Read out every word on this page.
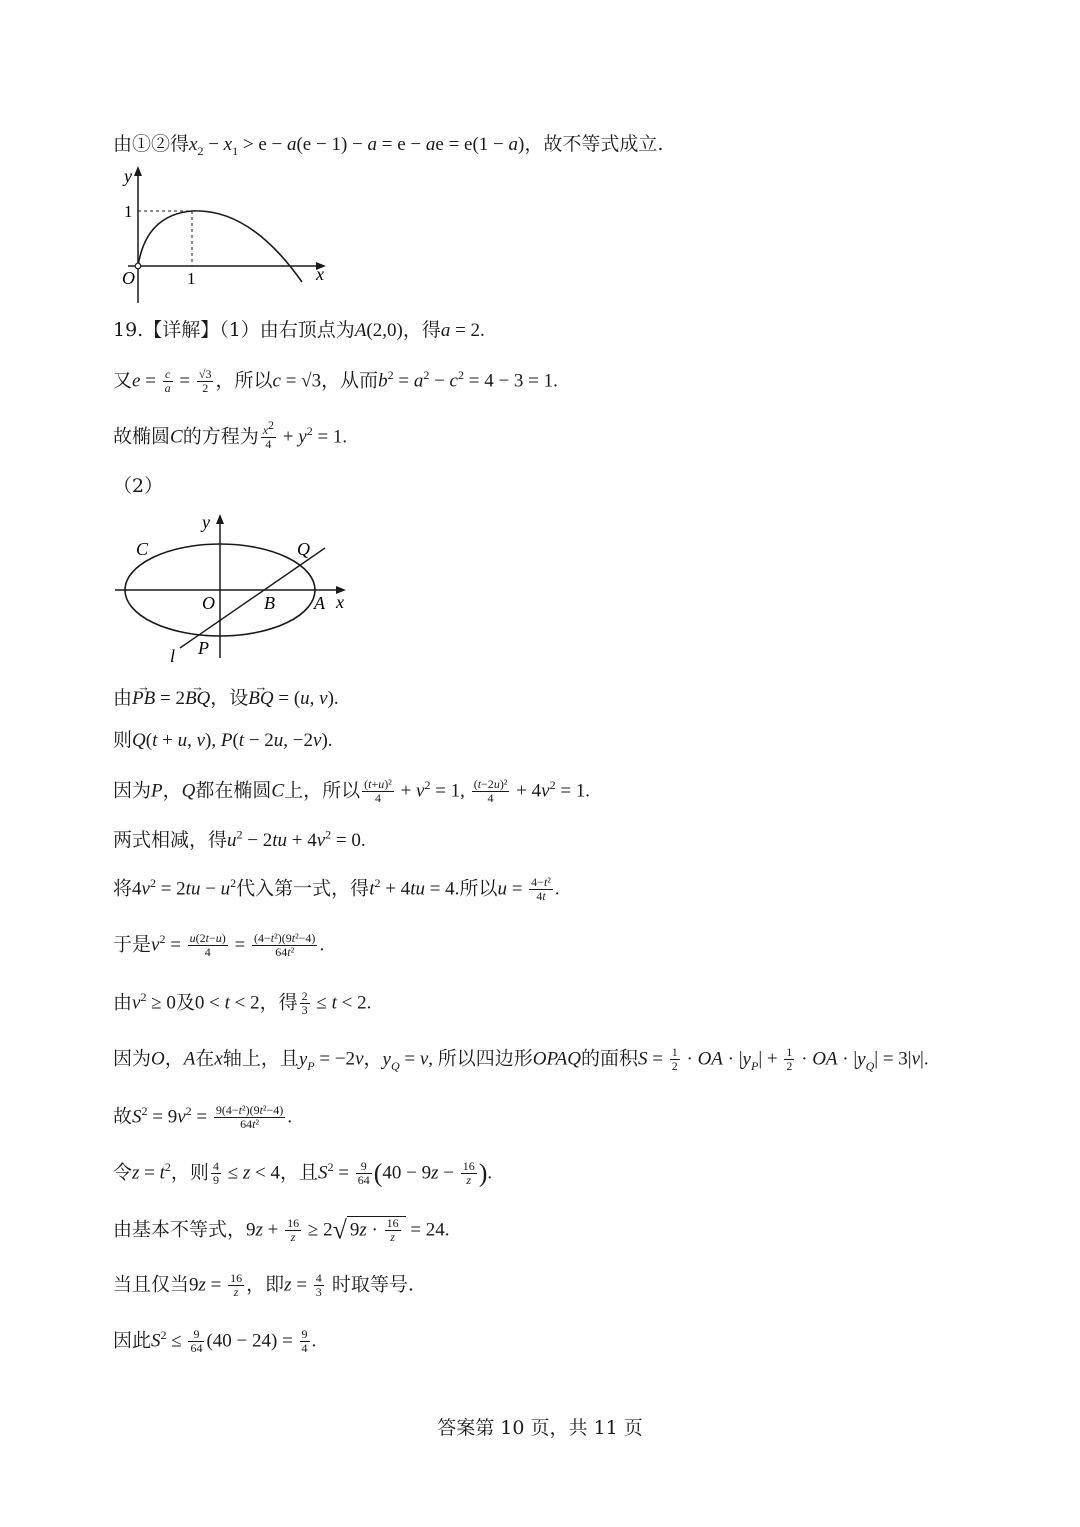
由①②得$x_2 - x_1 > e - a(e - 1) - a = e$ − ae = e(1 − a)，故不等式成立.
y
x
O
1
1
19.【详解】（1）由右顶点为A(2,0)，得a = 2.
又$e = \frac{c}{a} = \frac{√3}{2}$ ，所以c = √3，从而$b^2 = a^2 - c^2 = 4 - 3 = 1$.
故椭圆C的方程为 $\frac{x^2}{4} + y^2 = 1$.
（2）
y
x
C	Q
O	B A
l P
由→ PB = 2→ BQ，设→ BQ = (u, v).
则Q(t + u, v), P(t − 2u, −2v).
因为P，Q都在椭圆C上，所以 $\frac{\text{(t+u)²}}{4} + v^2 = 1$, $\frac{\text{(t−2u)²}}{4} + 4v^2 = 1$.
两式相减，得$u^2 - 2tu + 4v^2 = 0$.
将$4v^2 = 2tu - u^2$代入第一式，得$t^2 + 4tu = 4$.所以$u = \frac{\text{4−t²}}{4t}$ .
于是$v^2 = \frac{u(2t-u)}{4} = \frac{\text{(4−t²)(9t²−4)}}{\text{64t²}}$ .
由$v^2 \ge 0$及0 < t < 2，得 $\frac{2}{3} \le t < 2$.
因为O，A在x轴上，且$y_P = -2v$，$y_Q = v$, 所以四边形OPAQ的面积$S = \frac{1}{2}$ · OA · $|y_P| + \frac{1}{2}$ · OA · $|y_Q| = 3|v|$.
故$S^2 = 9v^2 = \frac{\text{9(4−t²)(9t²−4)}}{\text{64t²}}$ .
令$z = t^2$，则 $\frac{4}{9} \le z < 4$，且$S^2 = \frac{9}{64} (40 - 9z - \frac{16}{z}$ ).
由基本不等式，$9z + \frac{16}{z} \ge 2√$ $9z \cdot \frac{16}{z} = 24$.
当且仅当$9z = \frac{16}{z}$ ，即$z = \frac{4}{3}$ 时取等号.
因此$S^2 \le \frac{9}{64} (40 - 24) = \frac{9}{4}$ .
答案第 10 页，共 11 页
